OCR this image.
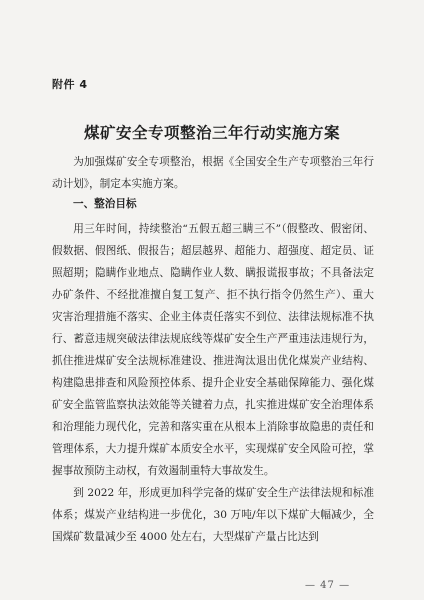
附件 4
煤矿安全专项整治三年行动实施方案

为加强煤矿安全专项整治，根据《全国安全生产专项整治三年行动计划》，制定本实施方案。

一、整治目标

用三年时间，持续整治“五假五超三瞒三不”（假整改、假密闭、假数据、假图纸、假报告；超层越界、超能力、超强度、超定员、证照超期；隐瞒作业地点、隐瞒作业人数、瞒报谎报事故；不具备法定办矿条件、不经批准擅自复工复产、拒不执行指令仍然生产）、重大灾害治理措施不落实、企业主体责任落实不到位、法律法规标准不执行、蓄意违规突破法律法规底线等煤矿安全生产严重违法违规行为，抓住推进煤矿安全法规标准建设、推进淘汰退出优化煤炭产业结构、构建隐患排查和风险预控体系、提升企业安全基础保障能力、强化煤矿安全监管监察执法效能等关键着力点，扎实推进煤矿安全治理体系和治理能力现代化，完善和落实重在从根本上消除事故隐患的责任和管理体系，大力提升煤矿本质安全水平，实现煤矿安全风险可控，掌握事故预防主动权，有效遏制重特大事故发生。

到 2022 年，形成更加科学完备的煤矿安全生产法律法规和标准体系；煤炭产业结构进一步优化，30 万吨/年以下煤矿大幅减少，全国煤矿数量减少至 4000 处左右，大型煤矿产量占比达到

— 47 —
